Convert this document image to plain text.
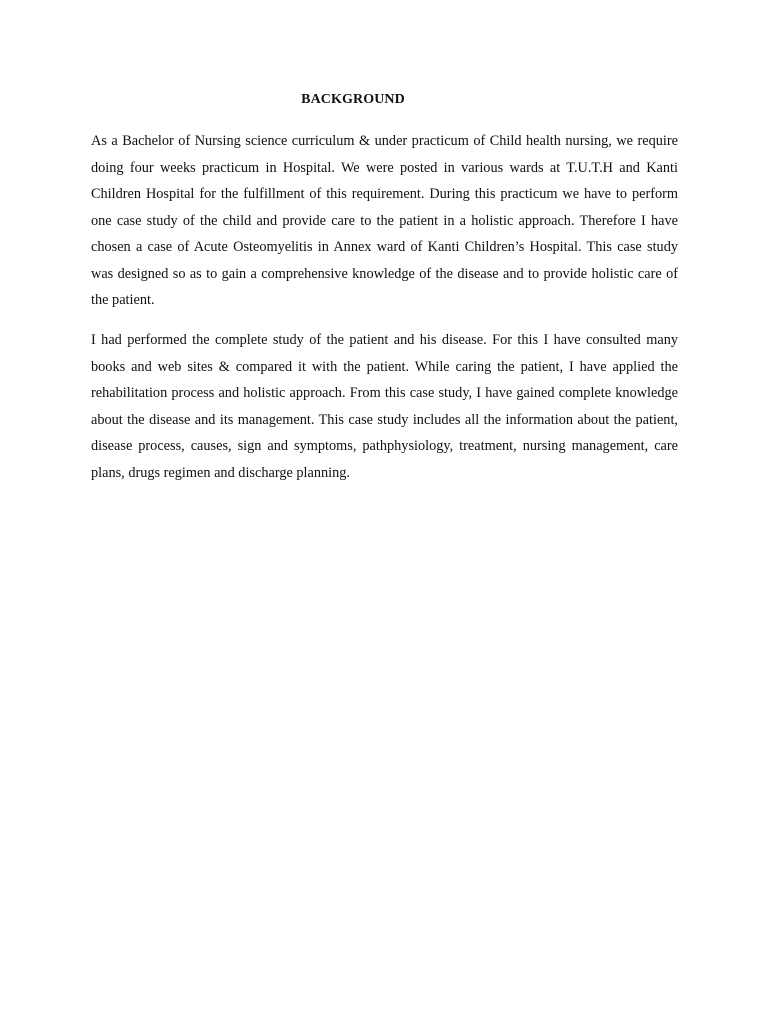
BACKGROUND

As a Bachelor of Nursing science curriculum & under practicum of Child health nursing, we require doing four weeks practicum in Hospital. We were posted in various wards at T.U.T.H and Kanti Children Hospital for the fulfillment of this requirement. During this practicum we have to perform one case study of the child and provide care to the patient in a holistic approach. Therefore I have chosen a case of Acute Osteomyelitis in Annex ward of Kanti Children’s Hospital. This case study was designed so as to gain a comprehensive knowledge of the disease and to provide holistic care of the patient.

I had performed the complete study of the patient and his disease. For this I have consulted many books and web sites & compared it with the patient. While caring the patient, I have applied the rehabilitation process and holistic approach. From this case study, I have gained complete knowledge about the disease and its management. This case study includes all the information about the patient, disease process, causes, sign and symptoms, pathphysiology, treatment, nursing management, care plans, drugs regimen and discharge planning.
